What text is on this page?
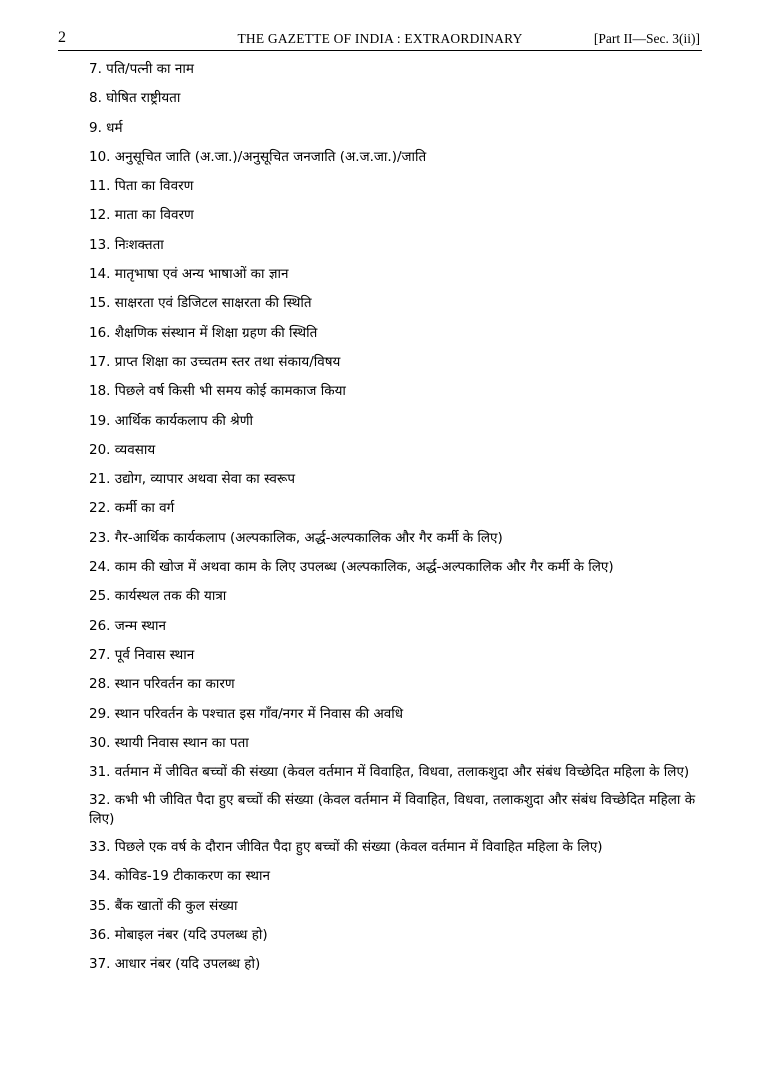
2	THE GAZETTE OF INDIA : EXTRAORDINARY	[Part II—Sec. 3(ii)]
7. पति/पत्नी का नाम
8. घोषित राष्ट्रीयता
9. धर्म
10. अनुसूचित जाति (अ.जा.)/अनुसूचित जनजाति (अ.ज.जा.)/जाति
11. पिता का विवरण
12. माता का विवरण
13. निःशक्तता
14. मातृभाषा एवं अन्य भाषाओं का ज्ञान
15. साक्षरता एवं डिजिटल साक्षरता की स्थिति
16. शैक्षणिक संस्थान में शिक्षा ग्रहण की स्थिति
17. प्राप्त शिक्षा का उच्चतम स्तर तथा संकाय/विषय
18. पिछले वर्ष किसी भी समय कोई कामकाज किया
19. आर्थिक कार्यकलाप की श्रेणी
20. व्यवसाय
21. उद्योग, व्यापार अथवा सेवा का स्वरूप
22. कर्मी का वर्ग
23. गैर-आर्थिक कार्यकलाप (अल्पकालिक, अर्द्ध-अल्पकालिक और गैर कर्मी के लिए)
24. काम की खोज में अथवा काम के लिए उपलब्ध (अल्पकालिक, अर्द्ध-अल्पकालिक और गैर कर्मी के लिए)
25. कार्यस्थल तक की यात्रा
26. जन्म स्थान
27. पूर्व निवास स्थान
28. स्थान परिवर्तन का कारण
29. स्थान परिवर्तन के पश्चात इस गाँव/नगर में निवास की अवधि
30. स्थायी निवास स्थान का पता
31. वर्तमान में जीवित बच्चों की संख्या (केवल वर्तमान में विवाहित, विधवा, तलाकशुदा और संबंध विच्छेदित महिला के लिए)
32. कभी भी जीवित पैदा हुए बच्चों की संख्या (केवल वर्तमान में विवाहित, विधवा, तलाकशुदा और संबंध विच्छेदित महिला के लिए)
33. पिछले एक वर्ष के दौरान जीवित पैदा हुए बच्चों की संख्या (केवल वर्तमान में विवाहित महिला के लिए)
34. कोविड-19 टीकाकरण का स्थान
35. बैंक खातों की कुल संख्या
36. मोबाइल नंबर (यदि उपलब्ध हो)
37. आधार नंबर (यदि उपलब्ध हो)
